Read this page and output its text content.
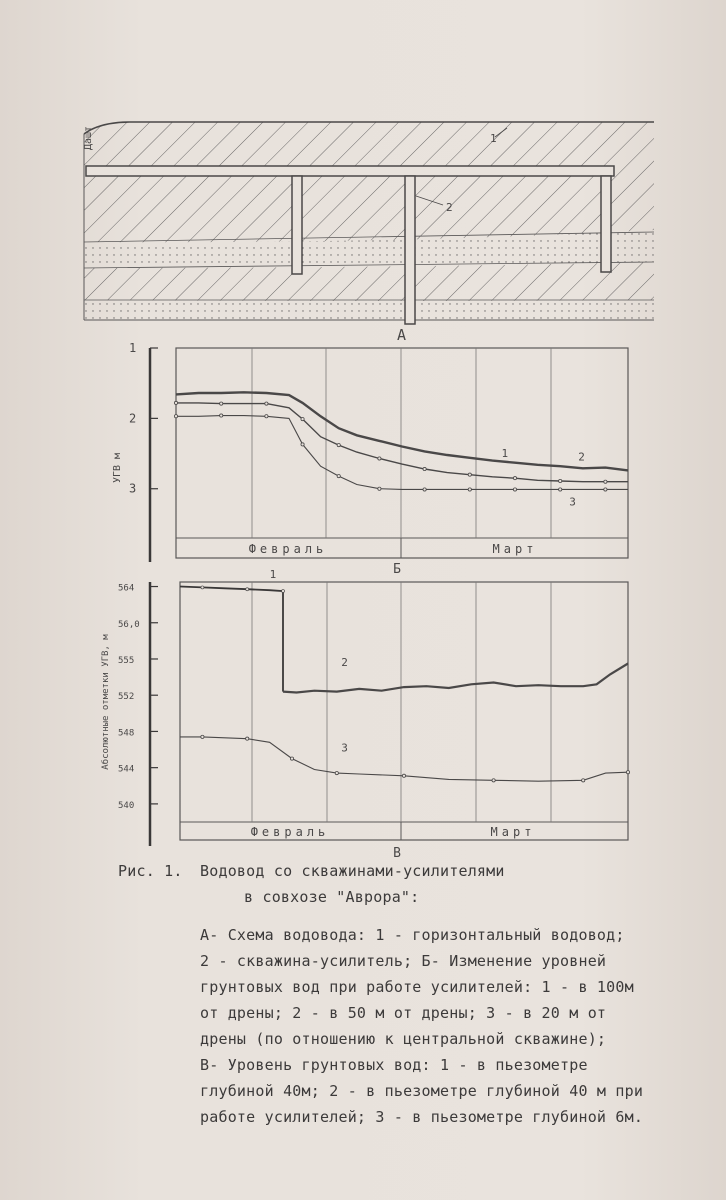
1
2
Дашт
А
1
2
3
УГВ м
Февраль	Март
Б
1	2
3
564
56,0
555
552
548
544
540
Абсолютные отметки УГВ, м
Февраль	Март
В
1
2
3
Рис. 1. Водовод со скважинами-усилителями
в совхозе "Аврора":
А- Схема водовода: 1 - горизонтальный водовод;
2 - скважина-усилитель; Б- Изменение уровней
грунтовых вод при работе усилителей: 1 - в 100м
от дрены; 2 - в 50 м от дрены; 3 - в 20 м от
дрены (по отношению к центральной скважине);
В- Уровень грунтовых вод: 1 - в пьезометре
глубиной 40м; 2 - в пьезометре глубиной 40 м при
работе усилителей; 3 - в пьезометре глубиной 6м.
